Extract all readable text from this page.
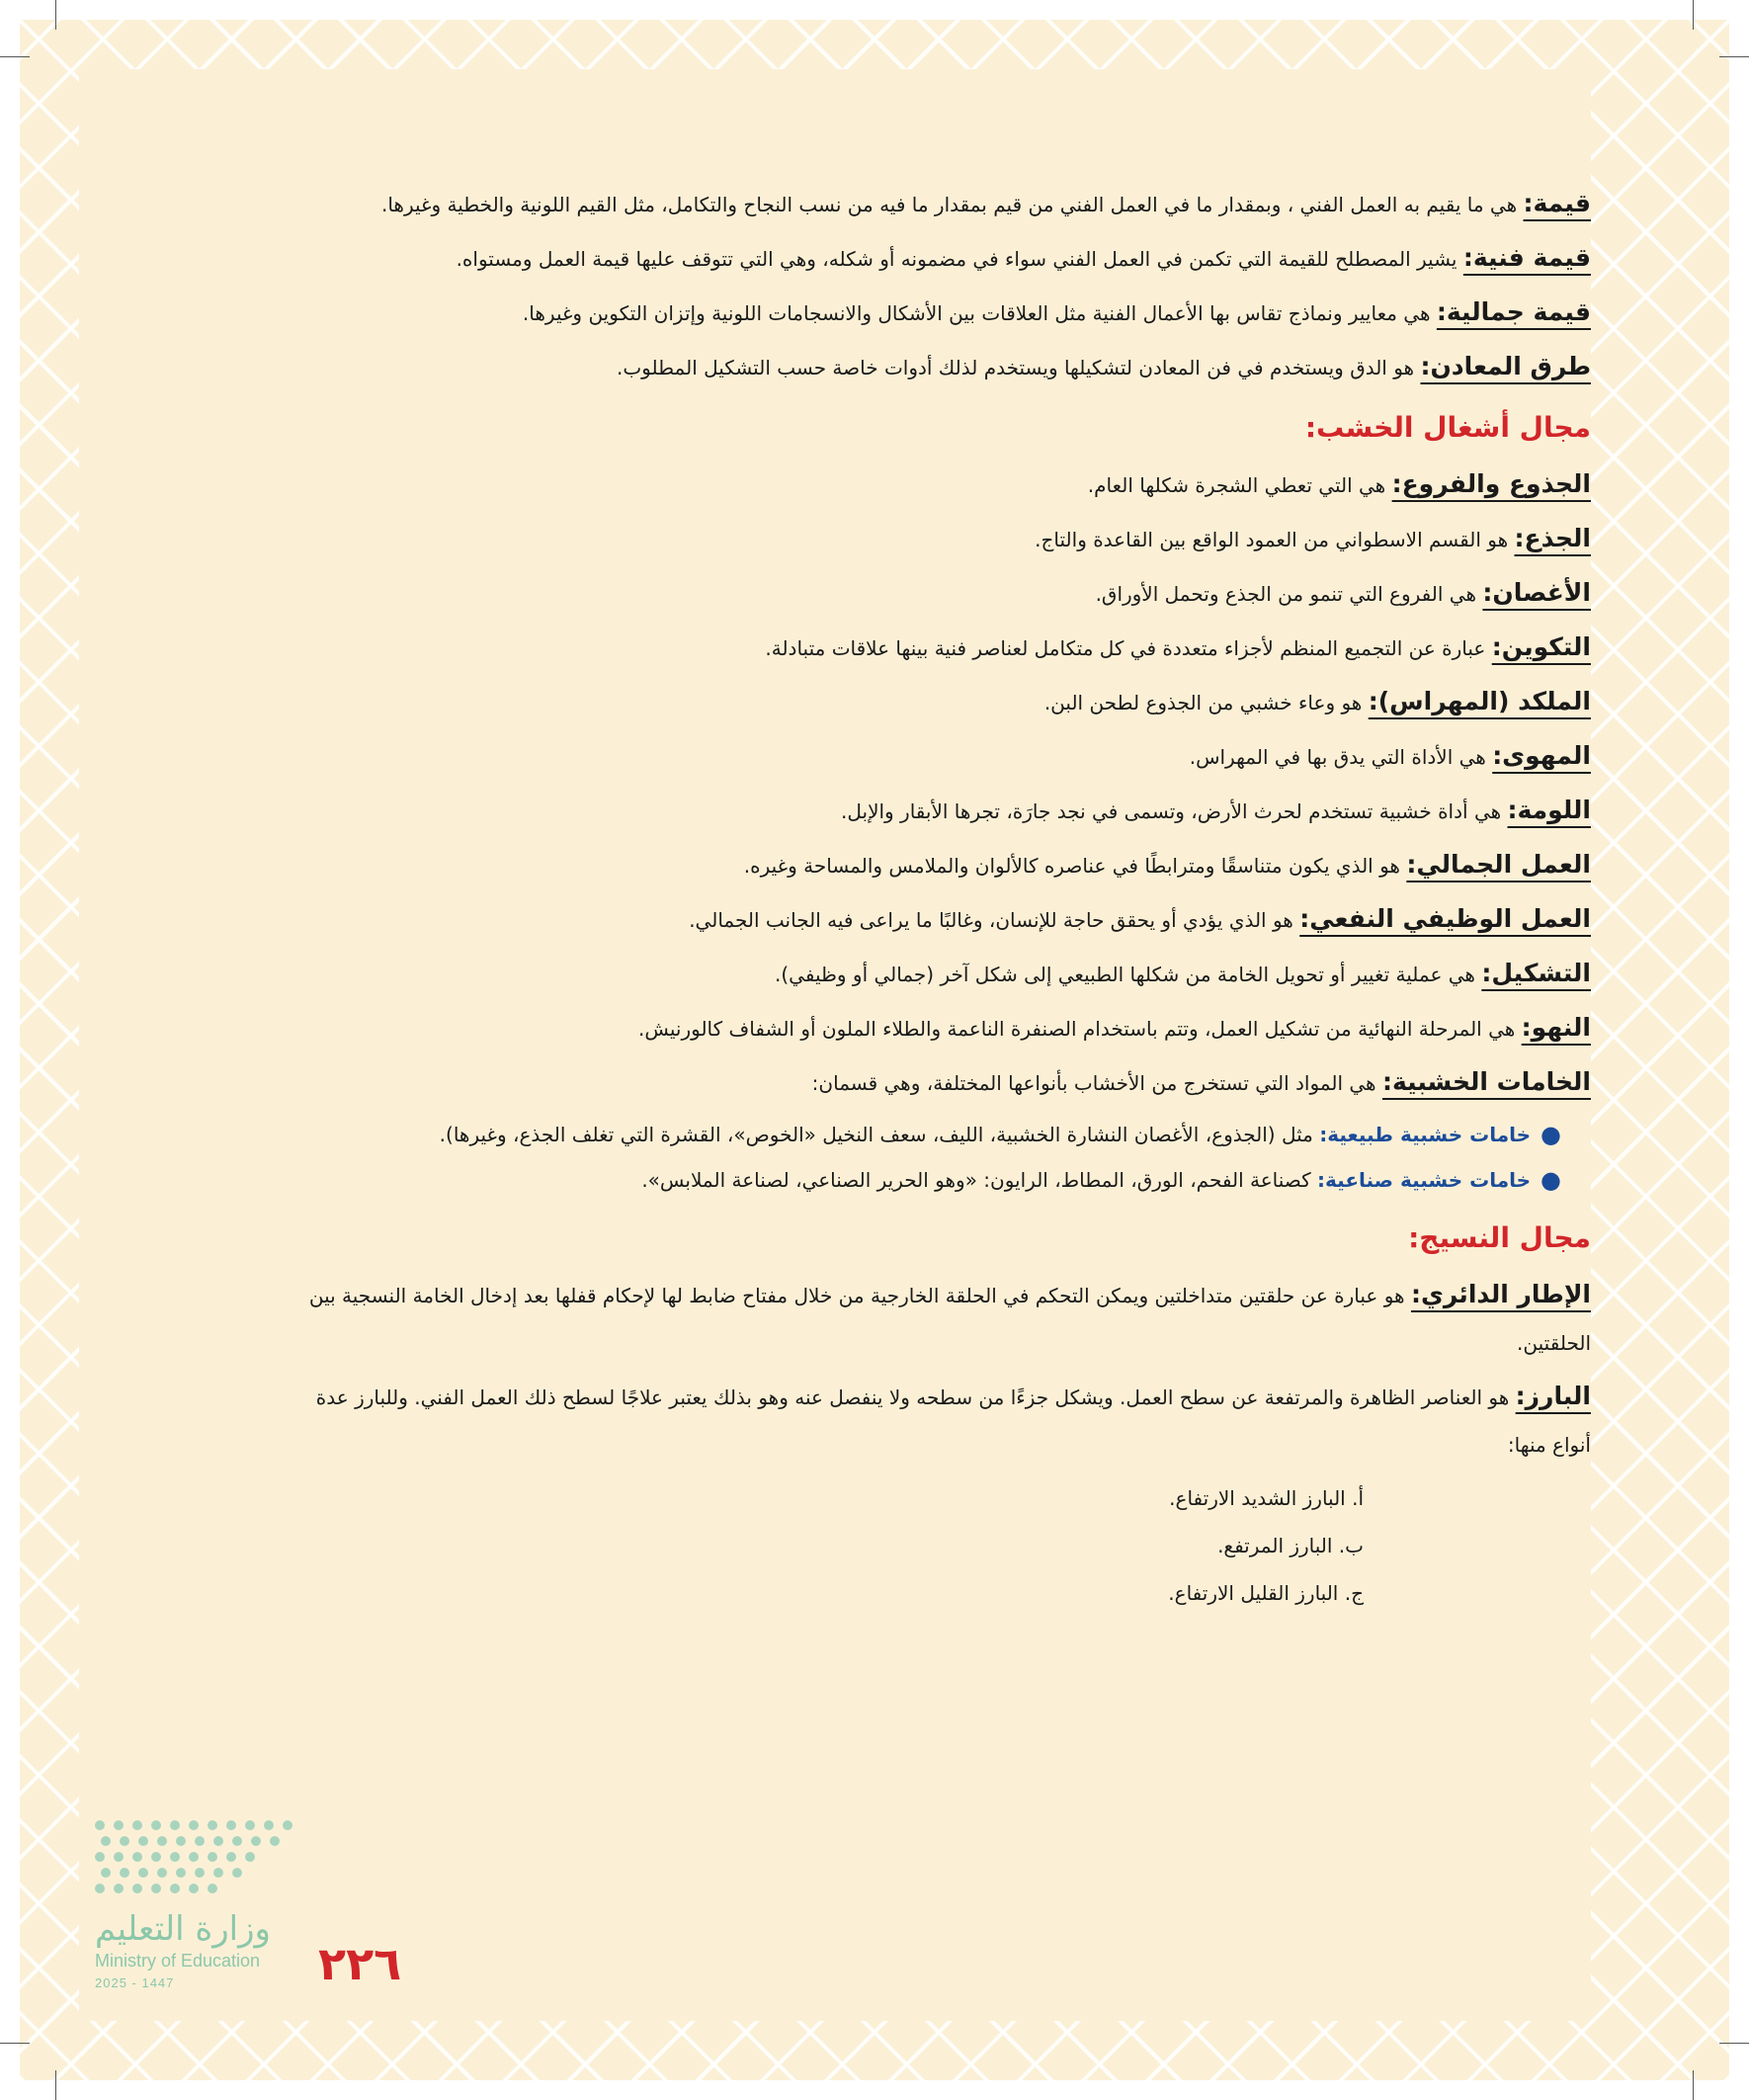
قيمة: هي ما يقيم به العمل الفني ، وبمقدار ما في العمل الفني من قيم بمقدار ما فيه من نسب النجاح والتكامل، مثل القيم اللونية والخطية وغيرها.
قيمة فنية: يشير المصطلح للقيمة التي تكمن في العمل الفني سواء في مضمونه أو شكله، وهي التي تتوقف عليها قيمة العمل ومستواه.
قيمة جمالية: هي معايير ونماذج تقاس بها الأعمال الفنية مثل العلاقات بين الأشكال والانسجامات اللونية وإتزان التكوين وغيرها.
طرق المعادن: هو الدق ويستخدم في فن المعادن لتشكيلها ويستخدم لذلك أدوات خاصة حسب التشكيل المطلوب.
مجال أشغال الخشب:
الجذوع والفروع: هي التي تعطي الشجرة شكلها العام.
الجذع: هو القسم الاسطواني من العمود الواقع بين القاعدة والتاج.
الأغصان: هي الفروع التي تنمو من الجذع وتحمل الأوراق.
التكوين: عبارة عن التجميع المنظم لأجزاء متعددة في كل متكامل لعناصر فنية بينها علاقات متبادلة.
الملكد (المهراس): هو وعاء خشبي من الجذوع لطحن البن.
المهوى: هي الأداة التي يدق بها في المهراس.
اللومة: هي أداة خشبية تستخدم لحرث الأرض، وتسمى في نجد جارَة، تجرها الأبقار والإبل.
العمل الجمالي: هو الذي يكون متناسقًا ومترابطًا في عناصره كالألوان والملامس والمساحة وغيره.
العمل الوظيفي النفعي: هو الذي يؤدي أو يحقق حاجة للإنسان، وغالبًا ما يراعى فيه الجانب الجمالي.
التشكيل: هي عملية تغيير أو تحويل الخامة من شكلها الطبيعي إلى شكل آخر (جمالي أو وظيفي).
النهو: هي المرحلة النهائية من تشكيل العمل، وتتم باستخدام الصنفرة الناعمة والطلاء الملون أو الشفاف كالورنيش.
الخامات الخشبية: هي المواد التي تستخرج من الأخشاب بأنواعها المختلفة، وهي قسمان:
●
خامات خشبية طبيعية: مثل (الجذوع، الأغصان النشارة الخشبية، الليف، سعف النخيل «الخوص»، القشرة التي تغلف الجذع، وغيرها).
●
خامات خشبية صناعية: كصناعة الفحم، الورق، المطاط، الرايون: «وهو الحرير الصناعي، لصناعة الملابس».
مجال النسيج:
الإطار الدائري: هو عبارة عن حلقتين متداخلتين ويمكن التحكم في الحلقة الخارجية من خلال مفتاح ضابط لها لإحكام قفلها بعد إدخال الخامة النسجية بين الحلقتين.
البارز: هو العناصر الظاهرة والمرتفعة عن سطح العمل. ويشكل جزءًا من سطحه ولا ينفصل عنه وهو بذلك يعتبر علاجًا لسطح ذلك العمل الفني. وللبارز عدة أنواع منها:
أ. البارز الشديد الارتفاع.
ب. البارز المرتفع.
ج. البارز القليل الارتفاع.
٢٢٦
وزارة التعليم
Ministry of Education
2025 - 1447
